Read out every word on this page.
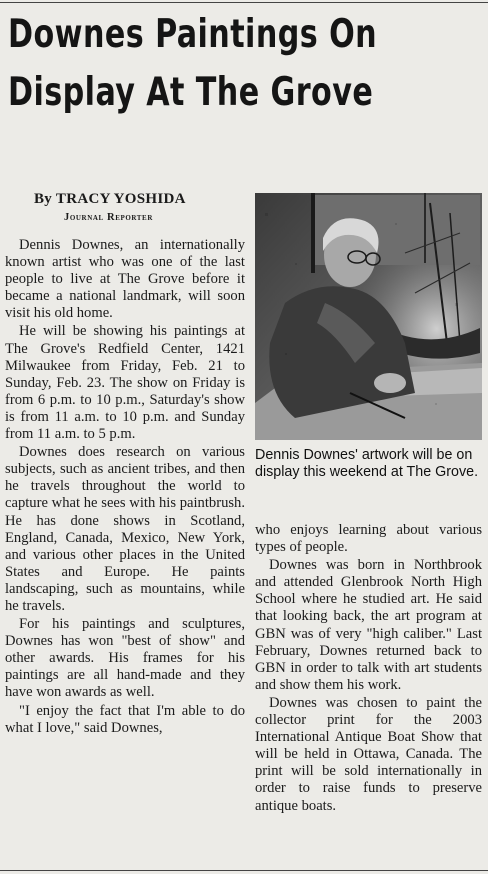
Downes Paintings On
Display At The Grove
By TRACY YOSHIDA
Journal Reporter
Dennis Downes' artwork will be on display this weekend at The Grove.

Dennis Downes, an internationally known artist who was one of the last people to live at The Grove before it became a national landmark, will soon visit his old home.

He will be showing his paintings at The Grove's Redfield Center, 1421 Milwaukee from Friday, Feb. 21 to Sunday, Feb. 23. The show on Friday is from 6 p.m. to 10 p.m., Saturday's show is from 11 a.m. to 10 p.m. and Sunday from 11 a.m. to 5 p.m.

Downes does research on various subjects, such as ancient tribes, and then he travels throughout the world to capture what he sees with his paintbrush. He has done shows in Scotland, England, Canada, Mexico, New York, and various other places in the United States and Europe. He paints landscaping, such as mountains, while he travels.

For his paintings and sculptures, Downes has won "best of show" and other awards. His frames for his paintings are all hand-made and they have won awards as well.

"I enjoy the fact that I'm able to do what I love," said Downes,

who enjoys learning about various types of people.

Downes was born in Northbrook and attended Glenbrook North High School where he studied art. He said that looking back, the art program at GBN was of very "high caliber." Last February, Downes returned back to GBN in order to talk with art students and show them his work.

Downes was chosen to paint the collector print for the 2003 International Antique Boat Show that will be held in Ottawa, Canada. The print will be sold internationally in order to raise funds to preserve antique boats.
